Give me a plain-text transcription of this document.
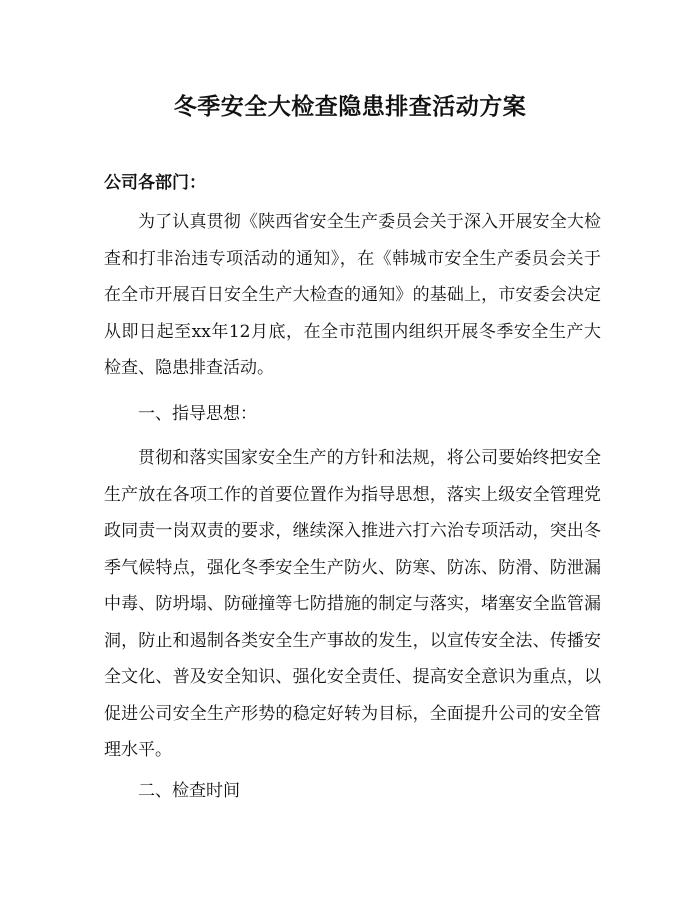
冬季安全大检查隐患排查活动方案

公司各部门：

为了认真贯彻《陕西省安全生产委员会关于深入开展安全大检查和打非治违专项活动的通知》，在《韩城市安全生产委员会关于在全市开展百日安全生产大检查的通知》的基础上，市安委会决定从即日起至xx年12月底，在全市范围内组织开展冬季安全生产大检查、隐患排查活动。

一、指导思想：

贯彻和落实国家安全生产的方针和法规，将公司要始终把安全生产放在各项工作的首要位置作为指导思想，落实上级安全管理党政同责一岗双责的要求，继续深入推进六打六治专项活动，突出冬季气候特点，强化冬季安全生产防火、防寒、防冻、防滑、防泄漏中毒、防坍塌、防碰撞等七防措施的制定与落实，堵塞安全监管漏洞，防止和遏制各类安全生产事故的发生，以宣传安全法、传播安全文化、普及安全知识、强化安全责任、提高安全意识为重点，以促进公司安全生产形势的稳定好转为目标，全面提升公司的安全管理水平。

二、检查时间
